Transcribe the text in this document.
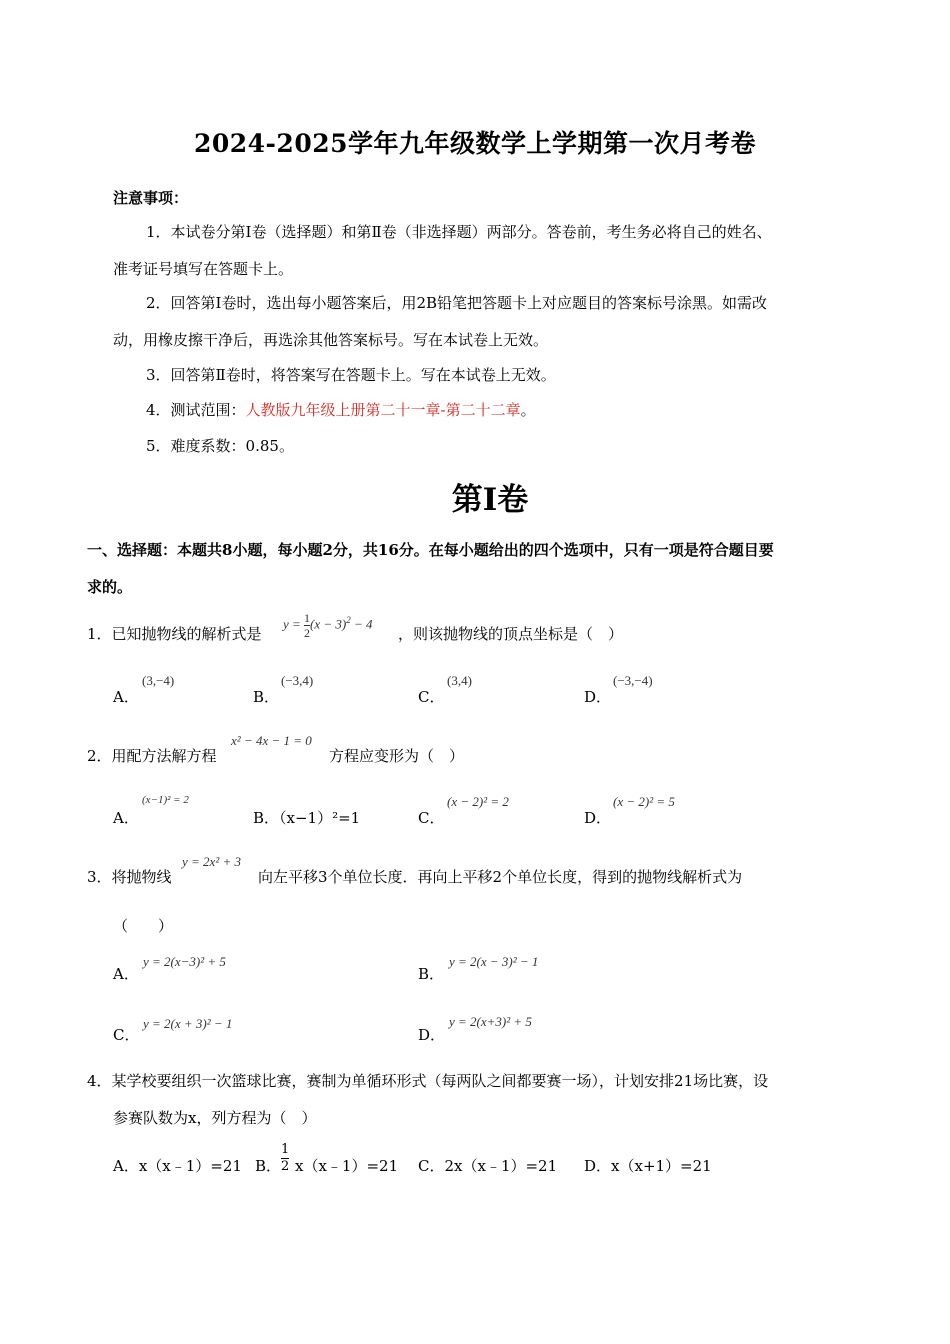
2024-2025学年九年级数学上学期第一次月考卷
注意事项：
1．本试卷分第Ⅰ卷（选择题）和第Ⅱ卷（非选择题）两部分。答卷前，考生务必将自己的姓名、
准考证号填写在答题卡上。
2．回答第Ⅰ卷时，选出每小题答案后，用2B铅笔把答题卡上对应题目的答案标号涂黑。如需改
动，用橡皮擦干净后，再选涂其他答案标号。写在本试卷上无效。
3．回答第Ⅱ卷时，将答案写在答题卡上。写在本试卷上无效。
4．测试范围：人教版九年级上册第二十一章-第二十二章。
5．难度系数：0.85。
第Ⅰ卷
一、选择题：本题共8小题，每小题2分，共16分。在每小题给出的四个选项中，只有一项是符合题目要
求的。
1．已知抛物线的解析式是
$y = \frac{1}{2} (x - 3)^2 - 4$
，则该抛物线的顶点坐标是（　）
A．
(3,−4)
B．
(−3,4)
C．
(3,4)
D．
(−3,−4)
2．用配方法解方程
x² − 4x − 1 = 0
方程应变形为（　）
A．
(x−1)² = 2
B．（x−1）²=1	C．
(x − 2)² = 2
D．
(x − 2)² = 5
3．将抛物线
y = 2x² + 3
向左平移3个单位长度．再向上平移2个单位长度，得到的抛物线解析式为
（　　）
A．
y = 2(x−3)² + 5
B．
y = 2(x − 3)² − 1
C．
y = 2(x + 3)² − 1
D．
y = 2(x+3)² + 5
4．某学校要组织一次篮球比赛，赛制为单循环形式（每两队之间都要赛一场），计划安排21场比赛，设
参赛队数为x，列方程为（　）
A．x（x﹣1）=21 B． $\frac{1}{2}$ x（x﹣1）=21 C．2x（x﹣1）=21 D．x（x+1）=21
